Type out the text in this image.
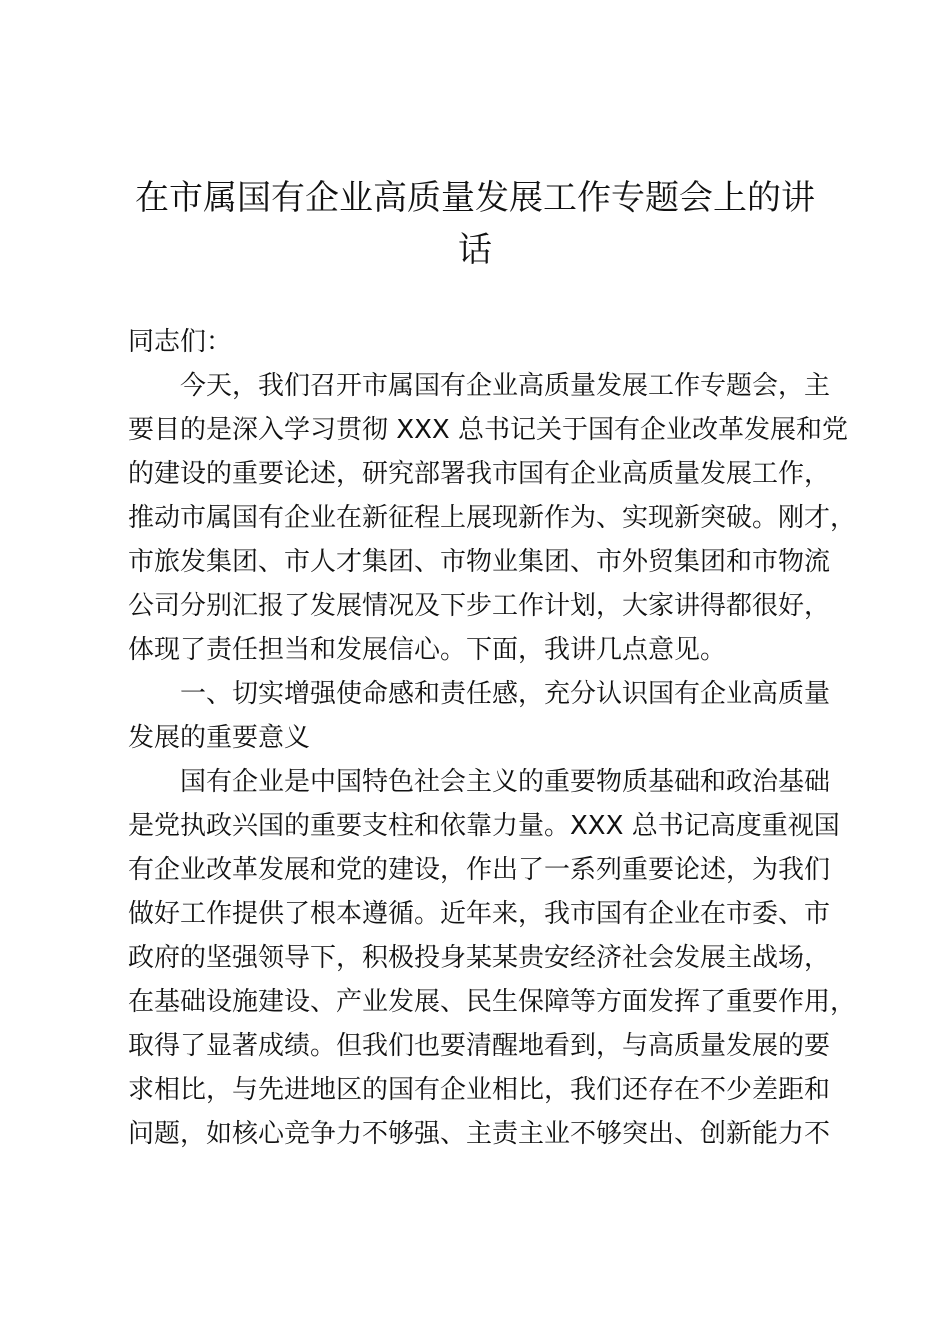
在市属国有企业高质量发展工作专题会上的讲
话

同志们：

今天，我们召开市属国有企业高质量发展工作专题会，主

要目的是深入学习贯彻 XXX 总书记关于国有企业改革发展和党

的建设的重要论述，研究部署我市国有企业高质量发展工作，

推动市属国有企业在新征程上展现新作为、实现新突破。刚才，

市旅发集团、市人才集团、市物业集团、市外贸集团和市物流

公司分别汇报了发展情况及下步工作计划，大家讲得都很好，

体现了责任担当和发展信心。下面，我讲几点意见。

一、切实增强使命感和责任感，充分认识国有企业高质量

发展的重要意义

国有企业是中国特色社会主义的重要物质基础和政治基础

是党执政兴国的重要支柱和依靠力量。XXX 总书记高度重视国

有企业改革发展和党的建设，作出了一系列重要论述，为我们

做好工作提供了根本遵循。近年来，我市国有企业在市委、市

政府的坚强领导下，积极投身某某贵安经济社会发展主战场，

在基础设施建设、产业发展、民生保障等方面发挥了重要作用，

取得了显著成绩。但我们也要清醒地看到，与高质量发展的要

求相比，与先进地区的国有企业相比，我们还存在不少差距和

问题，如核心竞争力不够强、主责主业不够突出、创新能力不
